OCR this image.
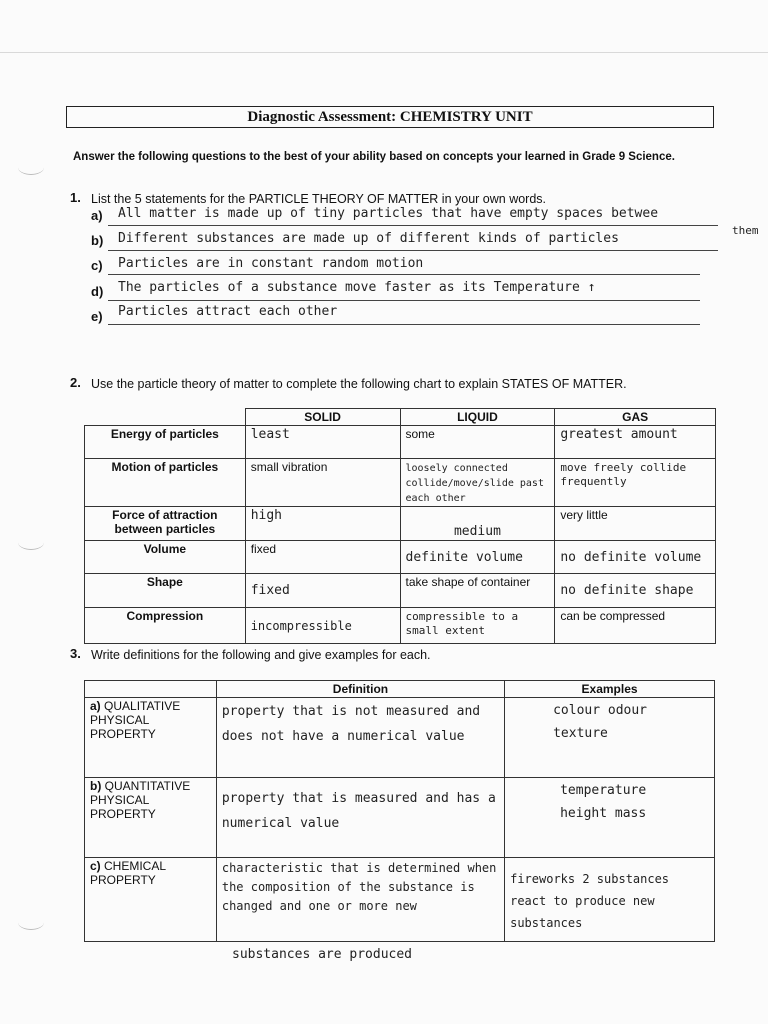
Diagnostic Assessment: CHEMISTRY UNIT
Answer the following questions to the best of your ability based on concepts your learned in Grade 9 Science.
1. List the 5 statements for the PARTICLE THEORY OF MATTER in your own words.
a) All matter is made up of tiny particles that have empty spaces betwee
them
b) Different substances are made up of different kinds of particles
c) Particles are in constant random motion
d) The particles of a substance move faster as its Temperature ↑
e) Particles attract each other
2. Use the particle theory of matter to complete the following chart to explain STATES OF MATTER.
	SOLID	LIQUID	GAS
Energy of particles	least	some	greatest amount
Motion of particles	small vibration	loosely connected collide/move/slide past each other	move freely collide frequently
Force of attraction between particles	high	medium	very little
Volume	fixed	definite volume	no definite volume
Shape	fixed	take shape of container	no definite shape
Compression	incompressible	compressible to a small extent	can be compressed
3. Write definitions for the following and give examples for each.
	Definition	Examples
a) QUALITATIVE PHYSICAL PROPERTY	property that is not measured and does not have a numerical value	colour odour texture
b) QUANTITATIVE PHYSICAL PROPERTY	property that is measured and has a numerical value	temperature height mass
c) CHEMICAL PROPERTY	characteristic that is determined when the composition of the substance is changed and one or more new	fireworks 2 substances react to produce new substances
substances are produced
